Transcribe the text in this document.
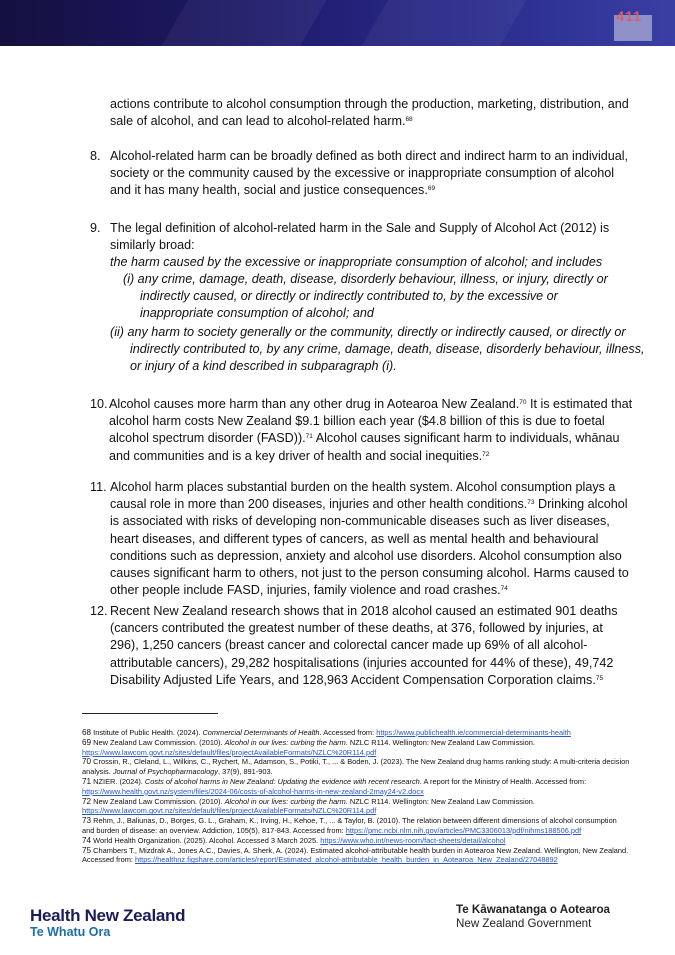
411
actions contribute to alcohol consumption through the production, marketing, distribution, and sale of alcohol, and can lead to alcohol-related harm.$^{68}$
8. Alcohol-related harm can be broadly defined as both direct and indirect harm to an individual, society or the community caused by the excessive or inappropriate consumption of alcohol and it has many health, social and justice consequences.$^{69}$
9. The legal definition of alcohol-related harm in the Sale and Supply of Alcohol Act (2012) is similarly broad:
the harm caused by the excessive or inappropriate consumption of alcohol; and includes
(i) any crime, damage, death, disease, disorderly behaviour, illness, or injury, directly or indirectly caused, or directly or indirectly contributed to, by the excessive or inappropriate consumption of alcohol; and
(ii) any harm to society generally or the community, directly or indirectly caused, or directly or indirectly contributed to, by any crime, damage, death, disease, disorderly behaviour, illness, or injury of a kind described in subparagraph (i).
10. Alcohol causes more harm than any other drug in Aotearoa New Zealand.$^{70}$ It is estimated that alcohol harm costs New Zealand $9.1 billion each year ($4.8 billion of this is due to foetal alcohol spectrum disorder (FASD)).$^{71}$ Alcohol causes significant harm to individuals, whānau and communities and is a key driver of health and social inequities.$^{72}$
11. Alcohol harm places substantial burden on the health system. Alcohol consumption plays a causal role in more than 200 diseases, injuries and other health conditions.$^{73}$ Drinking alcohol is associated with risks of developing non-communicable diseases such as liver diseases, heart diseases, and different types of cancers, as well as mental health and behavioural conditions such as depression, anxiety and alcohol use disorders. Alcohol consumption also causes significant harm to others, not just to the person consuming alcohol. Harms caused to other people include FASD, injuries, family violence and road crashes.$^{74}$
12. Recent New Zealand research shows that in 2018 alcohol caused an estimated 901 deaths (cancers contributed the greatest number of these deaths, at 376, followed by injuries, at 296), 1,250 cancers (breast cancer and colorectal cancer made up 69% of all alcohol-attributable cancers), 29,282 hospitalisations (injuries accounted for 44% of these), 49,742 Disability Adjusted Life Years, and 128,963 Accident Compensation Corporation claims.$^{75}$

68 Institute of Public Health. (2024). Commercial Determinants of Health. Accessed from: https://www.publichealth.ie/commercial-determinants-health

69 New Zealand Law Commission. (2010). Alcohol in our lives: curbing the harm. NZLC R114. Wellington: New Zealand Law Commission. https://www.lawcom.govt.nz/sites/default/files/projectAvailableFormats/NZLC%20R114.pdf

70 Crossin, R., Cleland, L., Wilkins, C., Rychert, M., Adamson, S., Potiki, T., ... & Boden, J. (2023). The New Zealand drug harms ranking study: A multi-criteria decision analysis. Journal of Psychopharmacology, 37(9), 891-903.

71 NZIER. (2024). Costs of alcohol harms in New Zealand: Updating the evidence with recent research. A report for the Ministry of Health. Accessed from: https://www.health.govt.nz/system/files/2024-06/costs-of-alcohol-harms-in-new-zealand-2may24-v2.docx

72 New Zealand Law Commission. (2010). Alcohol in our lives: curbing the harm. NZLC R114. Wellington: New Zealand Law Commission. https://www.lawcom.govt.nz/sites/default/files/projectAvailableFormats/NZLC%20R114.pdf

73 Rehm, J., Baliunas, D., Borges, G. L., Graham, K., Irving, H., Kehoe, T., ... & Taylor, B. (2010). The relation between different dimensions of alcohol consumption and burden of disease: an overview. Addiction, 105(5), 817-843. Accessed from: https://pmc.ncbi.nlm.nih.gov/articles/PMC3306013/pdf/nihms188506.pdf

74 World Health Organization. (2025). Alcohol. Accessed 3 March 2025. https://www.who.int/news-room/fact-sheets/detail/alcohol

75 Chambers T., Mizdrak A., Jones A.C., Davies, A. Sherk, A. (2024). Estimated alcohol-attributable health burden in Aotearoa New Zealand. Wellington, New Zealand. Accessed from: https://healthnz.figshare.com/articles/report/Estimated_alcohol-attributable_health_burden_in_Aotearoa_New_Zealand/27048892

Health New Zealand
Te Whatu Ora
Te Kāwanatanga o Aotearoa
New Zealand Government
